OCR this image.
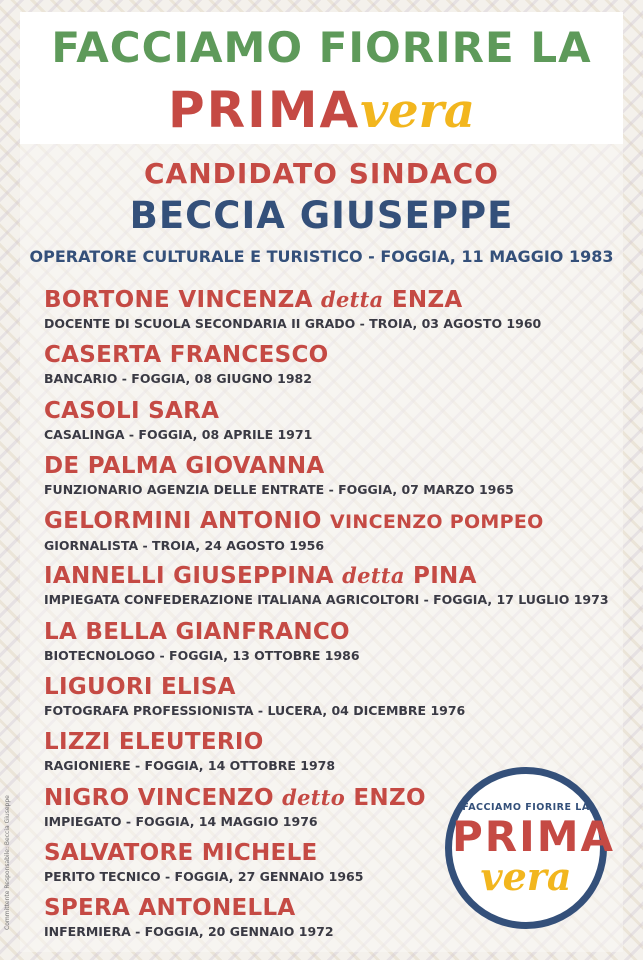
FACCIAMO FIORIRE LA
PRIMAvera
CANDIDATO SINDACO
BECCIA GIUSEPPE
OPERATORE CULTURALE E TURISTICO - FOGGIA, 11 MAGGIO 1983
BORTONE VINCENZA detta ENZA
DOCENTE DI SCUOLA SECONDARIA II GRADO - TROIA, 03 AGOSTO 1960
CASERTA FRANCESCO
BANCARIO - FOGGIA, 08 GIUGNO 1982
CASOLI SARA
CASALINGA - FOGGIA, 08 APRILE 1971
DE PALMA GIOVANNA
FUNZIONARIO AGENZIA DELLE ENTRATE - FOGGIA, 07 MARZO 1965
GELORMINI ANTONIO VINCENZO POMPEO
GIORNALISTA - TROIA, 24 AGOSTO 1956
IANNELLI GIUSEPPINA detta PINA
IMPIEGATA CONFEDERAZIONE ITALIANA AGRICOLTORI - FOGGIA, 17 LUGLIO 1973
LA BELLA GIANFRANCO
BIOTECNOLOGO - FOGGIA, 13 OTTOBRE 1986
LIGUORI ELISA
FOTOGRAFA PROFESSIONISTA - LUCERA, 04 DICEMBRE 1976
LIZZI ELEUTERIO
RAGIONIERE - FOGGIA, 14 OTTOBRE 1978
NIGRO VINCENZO detto ENZO
IMPIEGATO - FOGGIA, 14 MAGGIO 1976
SALVATORE MICHELE
PERITO TECNICO - FOGGIA, 27 GENNAIO 1965
SPERA ANTONELLA
INFERMIERA - FOGGIA, 20 GENNAIO 1972
FACCIAMO FIORIRE LA
PRIMA
vera
Committente Responsabile: Beccia Giuseppe
